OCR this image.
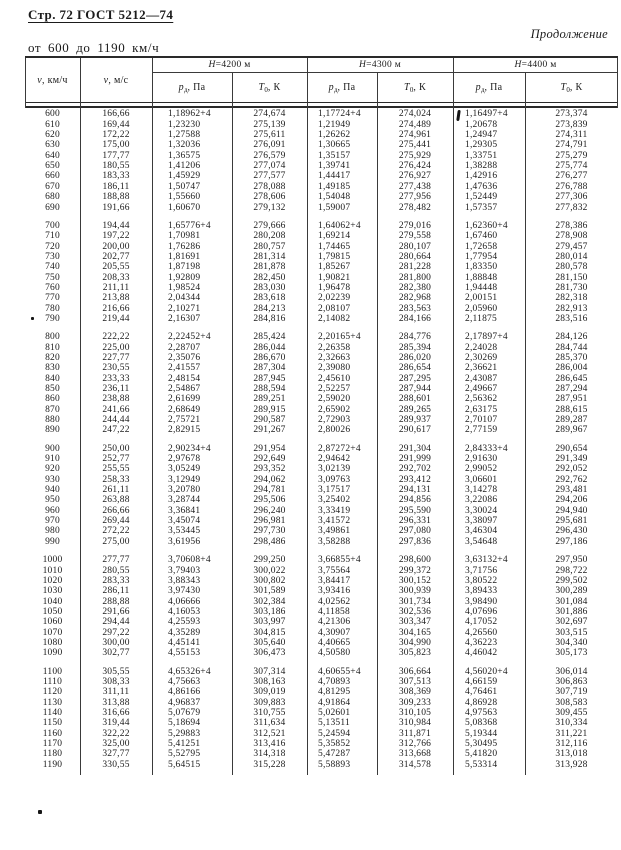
Стр. 72 ГОСТ 5212—74
Продолжение
от 600 до 1190 км/ч
v, км/ч	v, м/с
H=4200 м	H=4300 м	H=4400 м
$p_д$, Па	$T_0$, К	$p_д$, Па	$T_0$, К	$p_д$, Па	$T_0$, К
600	166,66	1,18962+4	274,674	1,17724+4	274,024	1,16497+4	273,374
610	169,44	1,23230	275,139	1,21949	274,489	1,20678	273,839
620	172,22	1,27588	275,611	1,26262	274,961	1,24947	274,311
630	175,00	1,32036	276,091	1,30665	275,441	1,29305	274,791
640	177,77	1,36575	276,579	1,35157	275,929	1,33751	275,279
650	180,55	1,41206	277,074	1,39741	276,424	1,38288	275,774
660	183,33	1,45929	277,577	1,44417	276,927	1,42916	276,277
670	186,11	1,50747	278,088	1,49185	277,438	1,47636	276,788
680	188,88	1,55660	278,606	1,54048	277,956	1,52449	277,306
690	191,66	1,60670	279,132	1,59007	278,482	1,57357	277,832
700	194,44	1,65776+4	279,666	1,64062+4	279,016	1,62360+4	278,386
710	197,22	1,70981	280,208	1,69214	279,558	1,67460	278,908
720	200,00	1,76286	280,757	1,74465	280,107	1,72658	279,457
730	202,77	1,81691	281,314	1,79815	280,664	1,77954	280,014
740	205,55	1,87198	281,878	1,85267	281,228	1,83350	280,578
750	208,33	1,92809	282,450	1,90821	281,800	1,88848	281,150
760	211,11	1,98524	283,030	1,96478	282,380	1,94448	281,730
770	213,88	2,04344	283,618	2,02239	282,968	2,00151	282,318
780	216,66	2,10271	284,213	2,08107	283,563	2,05960	282,913
790	219,44	2,16307	284,816	2,14082	284,166	2,11875	283,516
800	222,22	2,22452+4	285,424	2,20165+4	284,776	2,17897+4	284,126
810	225,00	2,28707	286,044	2,26358	285,394	2,24028	284,744
820	227,77	2,35076	286,670	2,32663	286,020	2,30269	285,370
830	230,55	2,41557	287,304	2,39080	286,654	2,36621	286,004
840	233,33	2,48154	287,945	2,45610	287,295	2,43087	286,645
850	236,11	2,54867	288,594	2,52257	287,944	2,49667	287,294
860	238,88	2,61699	289,251	2,59020	288,601	2,56362	287,951
870	241,66	2,68649	289,915	2,65902	289,265	2,63175	288,615
880	244,44	2,75721	290,587	2,72903	289,937	2,70107	289,287
890	247,22	2,82915	291,267	2,80026	290,617	2,77159	289,967
900	250,00	2,90234+4	291,954	2,87272+4	291,304	2,84333+4	290,654
910	252,77	2,97678	292,649	2,94642	291,999	2,91630	291,349
920	255,55	3,05249	293,352	3,02139	292,702	2,99052	292,052
930	258,33	3,12949	294,062	3,09763	293,412	3,06601	292,762
940	261,11	3,20780	294,781	3,17517	294,131	3,14278	293,481
950	263,88	3,28744	295,506	3,25402	294,856	3,22086	294,206
960	266,66	3,36841	296,240	3,33419	295,590	3,30024	294,940
970	269,44	3,45074	296,981	3,41572	296,331	3,38097	295,681
980	272,22	3,53445	297,730	3,49861	297,080	3,46304	296,430
990	275,00	3,61956	298,486	3,58288	297,836	3,54648	297,186
1000	277,77	3,70608+4	299,250	3,66855+4	298,600	3,63132+4	297,950
1010	280,55	3,79403	300,022	3,75564	299,372	3,71756	298,722
1020	283,33	3,88343	300,802	3,84417	300,152	3,80522	299,502
1030	286,11	3,97430	301,589	3,93416	300,939	3,89433	300,289
1040	288,88	4,06666	302,384	4,02562	301,734	3,98490	301,084
1050	291,66	4,16053	303,186	4,11858	302,536	4,07696	301,886
1060	294,44	4,25593	303,997	4,21306	303,347	4,17052	302,697
1070	297,22	4,35289	304,815	4,30907	304,165	4,26560	303,515
1080	300,00	4,45141	305,640	4,40665	304,990	4,36223	304,340
1090	302,77	4,55153	306,473	4,50580	305,823	4,46042	305,173
1100	305,55	4,65326+4	307,314	4,60655+4	306,664	4,56020+4	306,014
1110	308,33	4,75663	308,163	4,70893	307,513	4,66159	306,863
1120	311,11	4,86166	309,019	4,81295	308,369	4,76461	307,719
1130	313,88	4,96837	309,883	4,91864	309,233	4,86928	308,583
1140	316,66	5,07679	310,755	5,02601	310,105	4,97563	309,455
1150	319,44	5,18694	311,634	5,13511	310,984	5,08368	310,334
1160	322,22	5,29883	312,521	5,24594	311,871	5,19344	311,221
1170	325,00	5,41251	313,416	5,35852	312,766	5,30495	312,116
1180	327,77	5,52795	314,318	5,47287	313,668	5,41820	313,018
1190	330,55	5,64515	315,228	5,58893	314,578	5,53314	313,928
